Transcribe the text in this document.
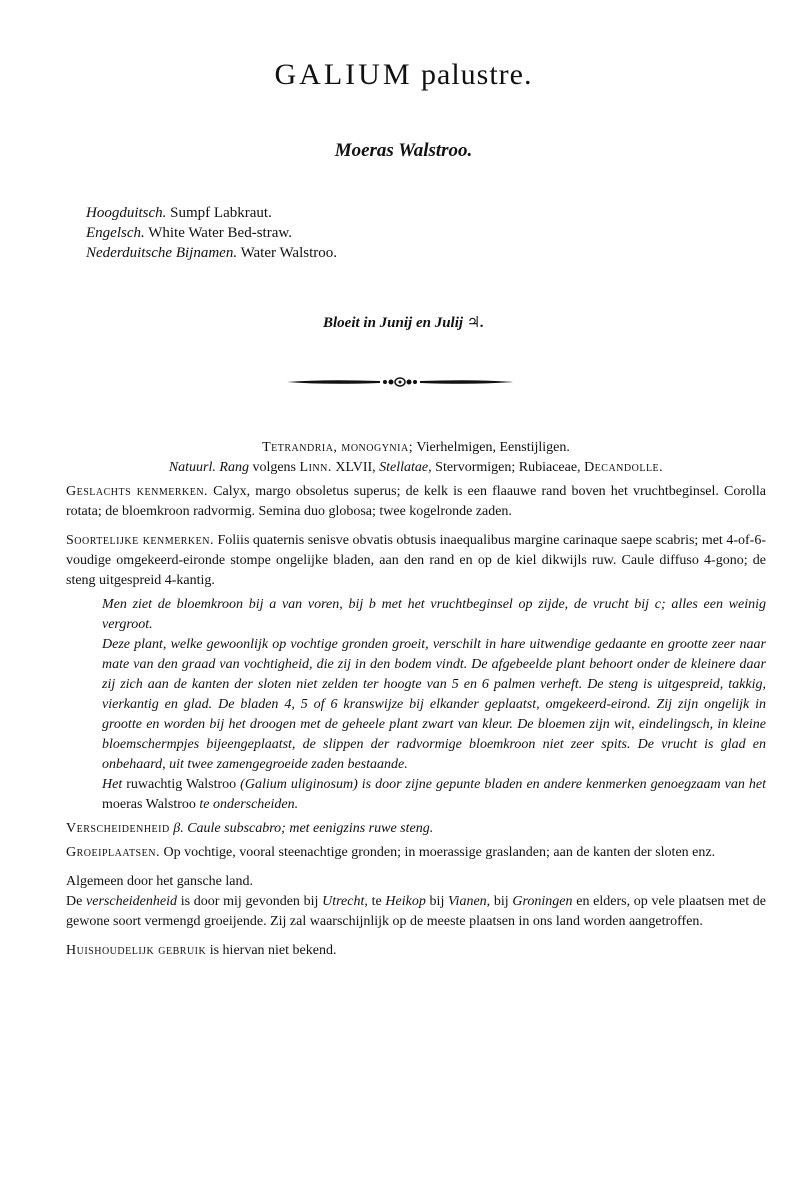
GALIUM palustre.

Moeras Walstroo.

Hoogduitsch. Sumpf Labkraut.
Engelsch. White Water Bed-straw.
Nederduitsche Bijnamen. Water Walstroo.
Bloeit in Junij en Julij ♃.

Tetrandria, monogynia; Vierhelmigen, Eenstijligen.

Natuurl. Rang volgens Linn. XLVII, Stellatae, Stervormigen; Rubiaceae, Decandolle.

Geslachts kenmerken. Calyx, margo obsoletus superus; de kelk is een flaauwe rand boven het vruchtbeginsel. Corolla rotata; de bloemkroon radvormig. Semina duo globosa; twee kogelronde zaden.

Soortelijke kenmerken. Foliis quaternis senisve obvatis obtusis inaequalibus margine carinaque saepe scabris; met 4-of-6-voudige omgekeerd-eironde stompe ongelijke bladen, aan den rand en op de kiel dikwijls ruw. Caule diffuso 4-gono; de steng uitgespreid 4-kantig.

Men ziet de bloemkroon bij a van voren, bij b met het vruchtbeginsel op zijde, de vrucht bij c; alles een weinig vergroot.

Deze plant, welke gewoonlijk op vochtige gronden groeit, verschilt in hare uitwendige gedaante en grootte zeer naar mate van den graad van vochtigheid, die zij in den bodem vindt. De afgebeelde plant behoort onder de kleinere daar zij zich aan de kanten der sloten niet zelden ter hoogte van 5 en 6 palmen verheft. De steng is uitgespreid, takkig, vierkantig en glad. De bladen 4, 5 of 6 kranswijze bij elkander geplaatst, omgekeerd-eirond. Zij zijn ongelijk in grootte en worden bij het droogen met de geheele plant zwart van kleur. De bloemen zijn wit, eindelingsch, in kleine bloemschermpjes bijeengeplaatst, de slippen der radvormige bloemkroon niet zeer spits. De vrucht is glad en onbehaard, uit twee zamengegroeide zaden bestaande.

Het ruwachtig Walstroo (Galium uliginosum) is door zijne gepunte bladen en andere kenmerken genoegzaam van het moeras Walstroo te onderscheiden.

Verscheidenheid β. Caule subscabro; met eenigzins ruwe steng.

Groeiplaatsen. Op vochtige, vooral steenachtige gronden; in moerassige graslanden; aan de kanten der sloten enz.

Algemeen door het gansche land.

De verscheidenheid is door mij gevonden bij Utrecht, te Heikop bij Vianen, bij Groningen en elders, op vele plaatsen met de gewone soort vermengd groeijende. Zij zal waarschijnlijk op de meeste plaatsen in ons land worden aangetroffen.

Huishoudelijk gebruik is hiervan niet bekend.
